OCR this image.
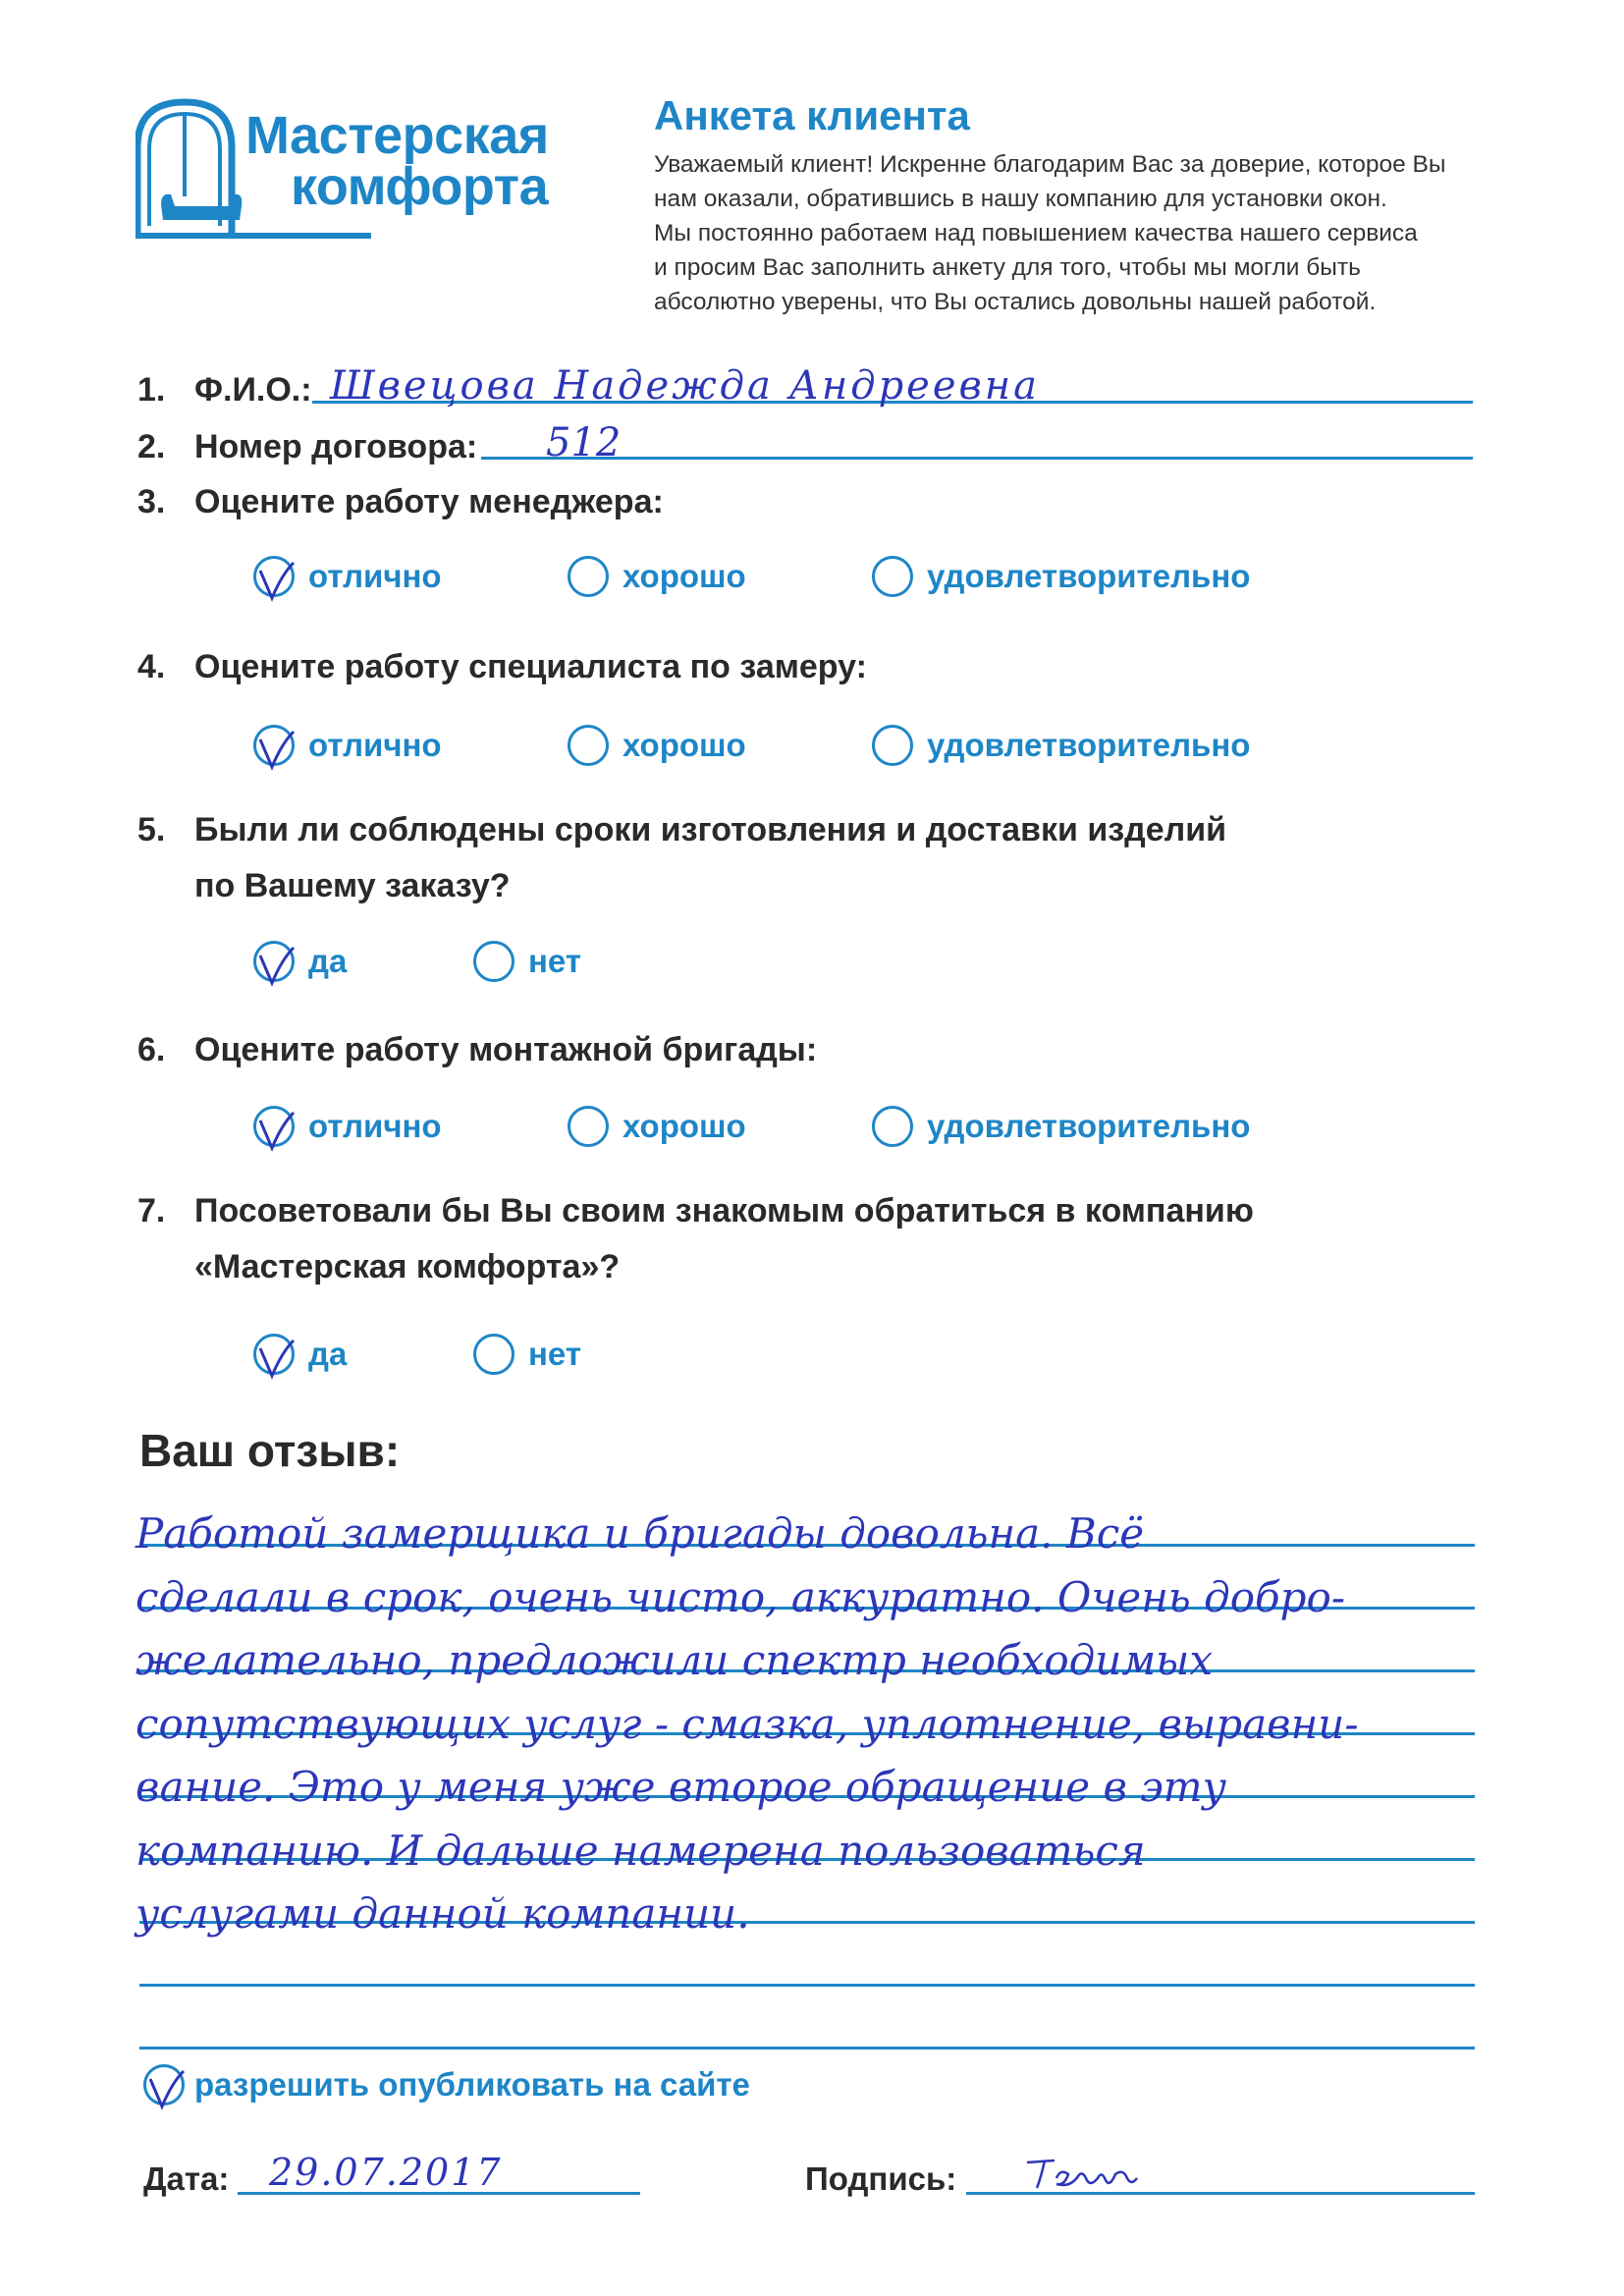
Мастерская
комфорта
Анкета клиента
Уважаемый клиент! Искренне благодарим Вас за доверие, которое Вы
нам оказали, обратившись в нашу компанию для установки окон.
Мы постоянно работаем над повышением качества нашего сервиса
и просим Вас заполнить анкету для того, чтобы мы могли быть
абсолютно уверены, что Вы остались довольны нашей работой.
1. Ф.И.О.: Швецова Надежда Андреевна
2. Номер договора: 512
3. Оцените работу менеджера:
отлично	хорошо	удовлетворительно
4. Оцените работу специалиста по замеру:
отлично	хорошо	удовлетворительно
5. Были ли соблюдены сроки изготовления и доставки изделий
по Вашему заказу?
да	нет
6. Оцените работу монтажной бригады:
отлично	хорошо	удовлетворительно
7. Посоветовали бы Вы своим знакомым обратиться в компанию
«Мастерская комфорта»?
да	нет
Ваш отзыв:
Работой замерщика и бригады довольна. Всё
сделали в срок, очень чисто, аккуратно. Очень добро-
желательно, предложили спектр необходимых
сопутствующих услуг - смазка, уплотнение, выравни-
вание. Это у меня уже второе обращение в эту
компанию. И дальше намерена пользоваться
услугами данной компании.
разрешить опубликовать на сайте
Дата: 29.07.2017	Подпись:
